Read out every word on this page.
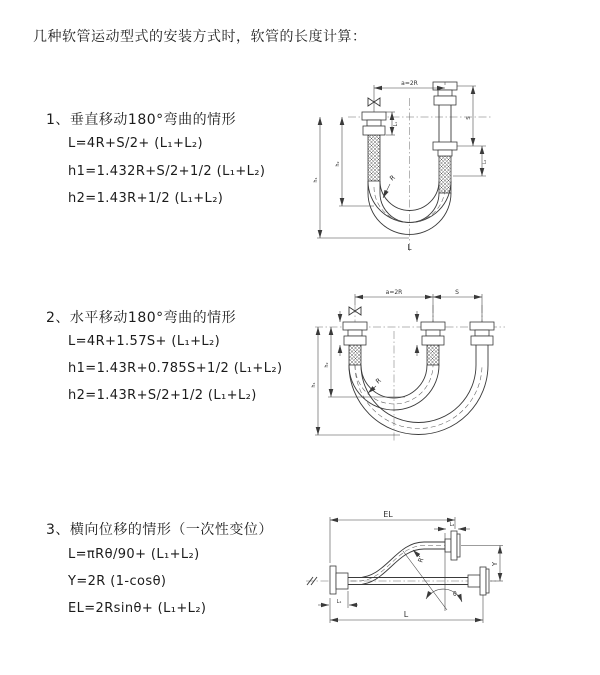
几种软管运动型式的安装方式时，软管的长度计算：
1、垂直移动180°弯曲的情形
L=4R+S/2+ (L₁+L₂)
h1=1.432R+S/2+1/2 (L₁+L₂)
h2=1.43R+1/2 (L₁+L₂)
2、水平移动180°弯曲的情形
L=4R+1.57S+ (L₁+L₂)
h1=1.43R+0.785S+1/2 (L₁+L₂)
h2=1.43R+S/2+1/2 (L₁+L₂)
3、横向位移的情形（一次性变位）
L=πRθ/90+ (L₁+L₂)
Y=2R (1-cosθ)
EL=2Rsinθ+ (L₁+L₂)
a=2R
h₁
h₂
L₁
S
L₂
R
L
a=2R	S
h₁
h₂
R
EL
L₂
Y
θ
R
L₁
L
